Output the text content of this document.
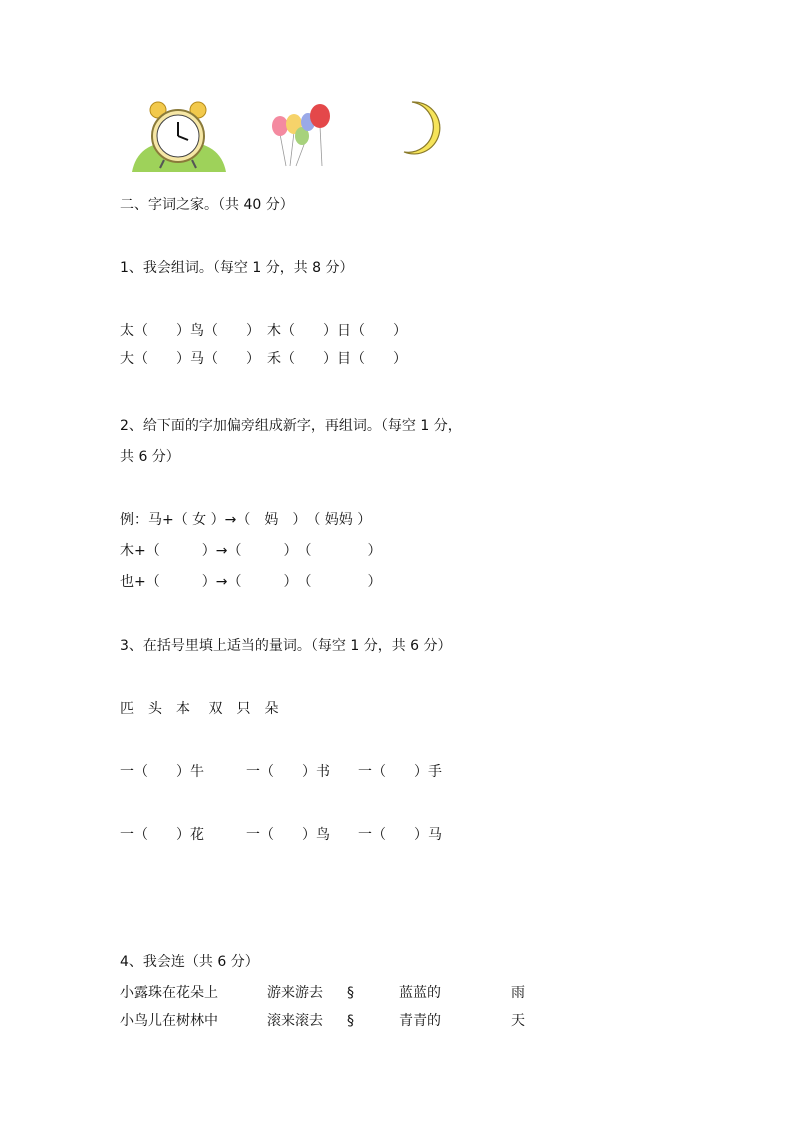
二、字词之家。（共 40 分）
1、我会组词。（每空 1 分，共 8 分）
太（　　）鸟（　　）　木（　　）日（　　）
大（　　）马（　　）　禾（　　）目（　　）
2、给下面的字加偏旁组成新字，再组词。（每空 1 分，
共 6 分）
例：马+（ 女 ）→（　妈　）　（ 妈妈 ）
木+（　　　）→（　　　）　（　　　　）
也+（　　　）→（　　　）　（　　　　）
3、在括号里填上适当的量词。（每空 1 分，共 6 分）
匹　头　本　 双　只　朵
一（　　）牛　　　一（　　）书　　一（　　）手
一（　　）花　　　一（　　）鸟　　一（　　）马
4、我会连（共 6 分）
小露珠在花朵上	游来游去 §	蓝蓝的	雨
小鸟儿在树林中	滚来滚去 §	青青的	天
